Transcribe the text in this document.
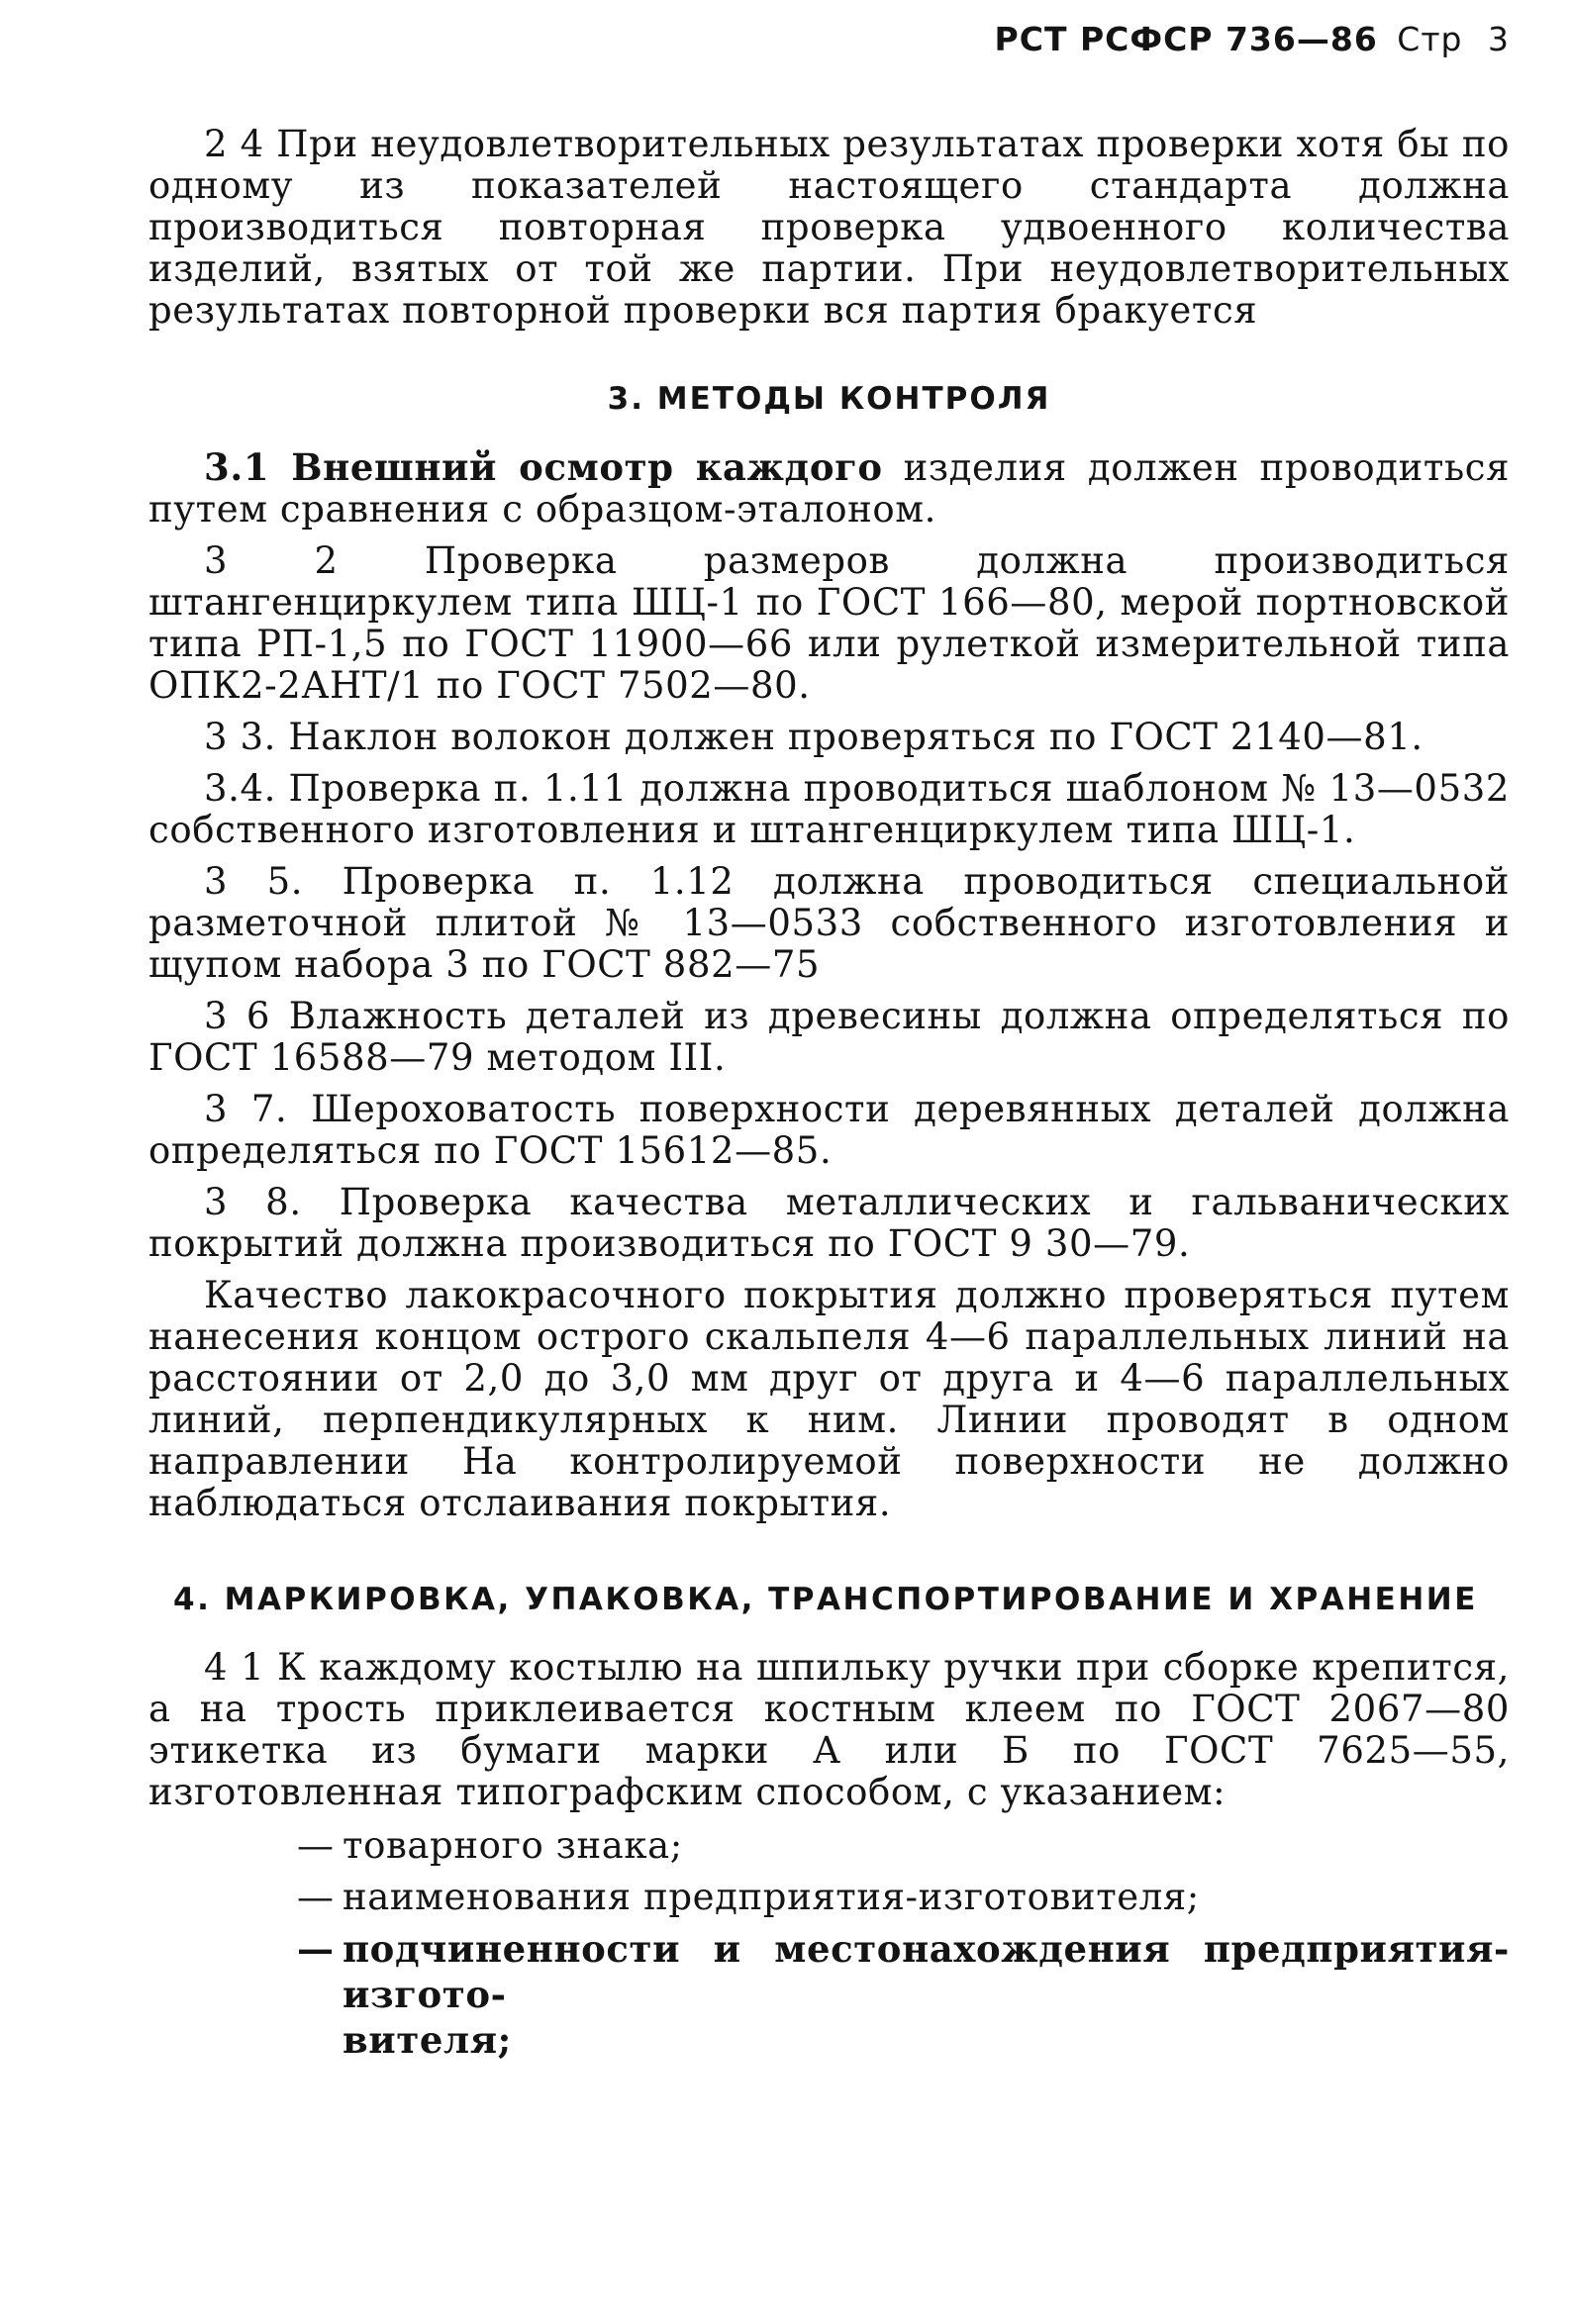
РСТ РСФСР 736—86 Стр 3

2 4 При неудовлетворительных результатах проверки хотя бы по одному из показателей настоящего стандарта должна производиться повторная проверка удвоенного количества изделий, взятых от той же партии. При неудовлетворительных результатах повторной проверки вся партия бракуется

3. МЕТОДЫ КОНТРОЛЯ

3.1 Внешний осмотр каждого изделия должен проводиться путем сравнения с образцом-эталоном.

3 2 Проверка размеров должна производиться штангенциркулем типа ШЦ-1 по ГОСТ 166—80, мерой портновской типа РП-1,5 по ГОСТ 11900—66 или рулеткой измерительной типа ОПК2-2АНТ/1 по ГОСТ 7502—80.

3 3. Наклон волокон должен проверяться по ГОСТ 2140—81.

3.4. Проверка п. 1.11 должна проводиться шаблоном № 13—0532 собственного изготовления и штангенциркулем типа ШЦ-1.

3 5. Проверка п. 1.12 должна проводиться специальной разметочной плитой № 13—0533 собственного изготовления и щупом набора 3 по ГОСТ 882—75

3 6 Влажность деталей из древесины должна определяться по ГОСТ 16588—79 методом III.

3 7. Шероховатость поверхности деревянных деталей должна определяться по ГОСТ 15612—85.

3 8. Проверка качества металлических и гальванических покрытий должна производиться по ГОСТ 9 30—79.

Качество лакокрасочного покрытия должно проверяться путем нанесения концом острого скальпеля 4—6 параллельных линий на расстоянии от 2,0 до 3,0 мм друг от друга и 4—6 параллельных линий, перпендикулярных к ним. Линии проводят в одном направлении На контролируемой поверхности не должно наблюдаться отслаивания покрытия.

4. МАРКИРОВКА, УПАКОВКА, ТРАНСПОРТИРОВАНИЕ И ХРАНЕНИЕ

4 1 К каждому костылю на шпильку ручки при сборке крепится, а на трость приклеивается костным клеем по ГОСТ 2067—80 этикетка из бумаги марки А или Б по ГОСТ 7625—55, изготовленная типографским способом, с указанием:

— товарного знака;
— наименования предприятия-изготовителя;
— подчиненности и местонахождения предприятия-изгото-
вителя;
